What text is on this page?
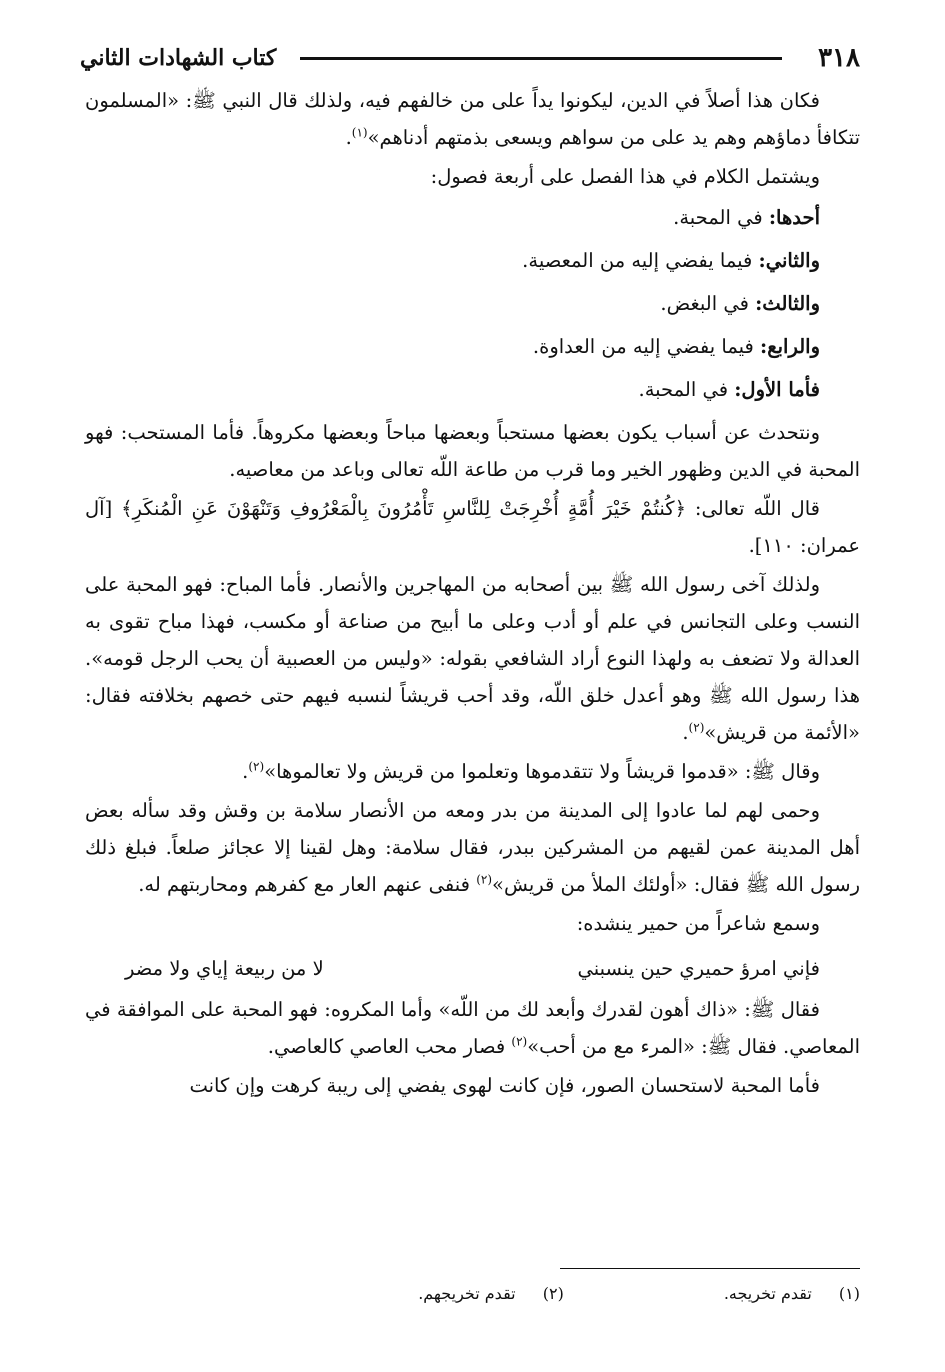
٣١٨
كتاب الشهادات الثاني

فكان هذا أصلاً في الدين، ليكونوا يداً على من خالفهم فيه، ولذلك قال النبي ﷺ: «المسلمون تتكافأ دماؤهم وهم يد على من سواهم ويسعى بذمتهم أدناهم»$^{(١)}$.

ويشتمل الكلام في هذا الفصل على أربعة فصول:

أحدها: في المحبة.
والثاني: فيما يفضي إليه من المعصية.
والثالث: في البغض.
والرابع: فيما يفضي إليه من العداوة.
فأما الأول: في المحبة.

ونتحدث عن أسباب يكون بعضها مستحباً وبعضها مباحاً وبعضها مكروهاً. فأما المستحب: فهو المحبة في الدين وظهور الخير وما قرب من طاعة اللّه تعالى وباعد من معاصيه.

قال اللّه تعالى: ﴿كُنتُمْ خَيْرَ أُمَّةٍ أُخْرِجَتْ لِلنَّاسِ تَأْمُرُونَ بِالْمَعْرُوفِ وَتَنْهَوْنَ عَنِ الْمُنكَرِ﴾ [آل عمران: ١١٠].

ولذلك آخى رسول الله ﷺ بين أصحابه من المهاجرين والأنصار. فأما المباح: فهو المحبة على النسب وعلى التجانس في علم أو أدب وعلى ما أبيح من صناعة أو مكسب، فهذا مباح تقوى به العدالة ولا تضعف به ولهذا النوع أراد الشافعي بقوله: «وليس من العصبية أن يحب الرجل قومه». هذا رسول الله ﷺ وهو أعدل خلق اللّه، وقد أحب قريشاً لنسبه فيهم حتى خصهم بخلافته فقال: «الأئمة من قريش»$^{(٢)}$.

وقال ﷺ: «قدموا قريشاً ولا تتقدموها وتعلموا من قريش ولا تعالموها»$^{(٢)}$.

وحمى لهم لما عادوا إلى المدينة من بدر ومعه من الأنصار سلامة بن وقش وقد سأله بعض أهل المدينة عمن لقيهم من المشركين ببدر، فقال سلامة: وهل لقينا إلا عجائز صلعاً. فبلغ ذلك رسول الله ﷺ فقال: «أولئك الملأ من قريش»$^{(٢)}$ فنفى عنهم العار مع كفرهم ومحاربتهم له.

وسمع شاعراً من حمير ينشده:

فإني امرؤ حميري حين ينسبني
لا من ربيعة إياي ولا مضر

فقال ﷺ: «ذاك أهون لقدرك وأبعد لك من اللّه» وأما المكروه: فهو المحبة على الموافقة في المعاصي. فقال ﷺ: «المرء مع من أحب»$^{(٢)}$ فصار محب العاصي كالعاصي.

فأما المحبة لاستحسان الصور، فإن كانت لهوى يفضي إلى ريبة كرهت وإن كانت

(١) تقدم تخريجه.
(٢) تقدم تخريجهم.
